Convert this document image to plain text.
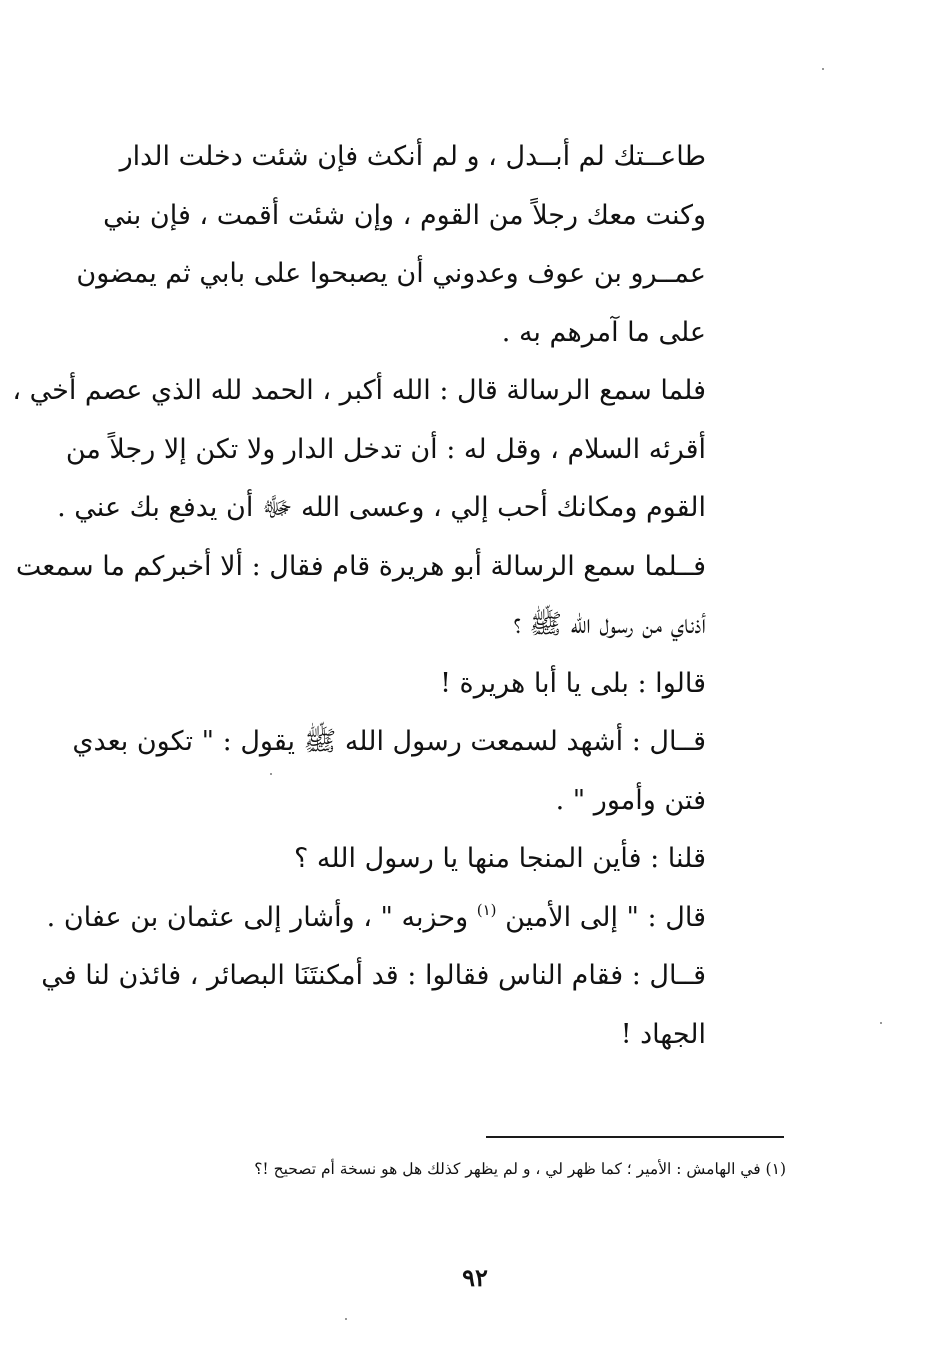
طاعــتك لم أبــدل ، و لم أنكث فإن شئت دخلت الدار
وكنت معك رجلاً من القوم ، وإن شئت أقمت ، فإن بني
عمــرو بن عوف وعدوني أن يصبحوا على بابي ثم يمضون
على ما آمرهم به .
فلما سمع الرسالة قال : الله أكبر ، الحمد لله الذي عصم أخي ،
أقرئه السلام ، وقل له : أن تدخل الدار ولا تكن إلا رجلاً من
القوم ومكانك أحب إلي ، وعسى الله ﷻ أن يدفع بك عني .
فــلما سمع الرسالة أبو هريرة قام فقال : ألا أخبركم ما سمعت
أذناي من رسول الله ﷺ ؟
قالوا : بلى يا أبا هريرة !
قــال : أشهد لسمعت رسول الله ﷺ يقول : " تكون بعدي
فتن وأمور " .
قلنا : فأين المنجا منها يا رسول الله ؟
قال : " إلى الأمين $^{(١)}$ وحزبه " ، وأشار إلى عثمان بن عفان .
قــال : فقام الناس فقالوا : قد أمكنتَنَا البصائر ، فائذن لنا في
الجهاد !
(١) في الهامش : الأمير ؛ كما ظهر لي ، و لم يظهر كذلك هل هو نسخة أم تصحيح !؟
٩٢
